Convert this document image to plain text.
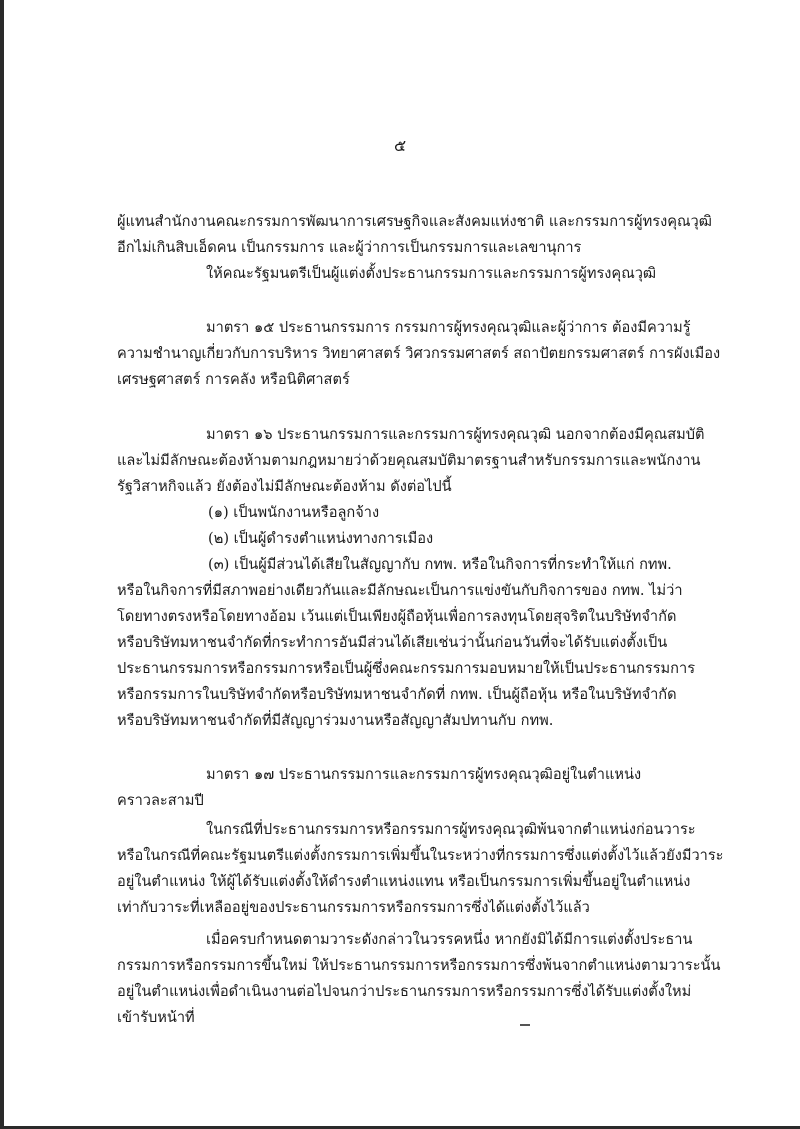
๕
ผู้แทนสำนักงานคณะกรรมการพัฒนาการเศรษฐกิจและสังคมแห่งชาติ และกรรมการผู้ทรงคุณวุฒิ
อีกไม่เกินสิบเอ็ดคน เป็นกรรมการ และผู้ว่าการเป็นกรรมการและเลขานุการ
ให้คณะรัฐมนตรีเป็นผู้แต่งตั้งประธานกรรมการและกรรมการผู้ทรงคุณวุฒิ
มาตรา ๑๕ ประธานกรรมการ กรรมการผู้ทรงคุณวุฒิและผู้ว่าการ ต้องมีความรู้
ความชำนาญเกี่ยวกับการบริหาร วิทยาศาสตร์ วิศวกรรมศาสตร์ สถาปัตยกรรมศาสตร์ การผังเมือง
เศรษฐศาสตร์ การคลัง หรือนิติศาสตร์
มาตรา ๑๖ ประธานกรรมการและกรรมการผู้ทรงคุณวุฒิ นอกจากต้องมีคุณสมบัติ
และไม่มีลักษณะต้องห้ามตามกฎหมายว่าด้วยคุณสมบัติมาตรฐานสำหรับกรรมการและพนักงาน
รัฐวิสาหกิจแล้ว ยังต้องไม่มีลักษณะต้องห้าม ดังต่อไปนี้
(๑) เป็นพนักงานหรือลูกจ้าง
(๒) เป็นผู้ดำรงตำแหน่งทางการเมือง
(๓) เป็นผู้มีส่วนได้เสียในสัญญากับ กทพ. หรือในกิจการที่กระทำให้แก่ กทพ.
หรือในกิจการที่มีสภาพอย่างเดียวกันและมีลักษณะเป็นการแข่งขันกับกิจการของ กทพ. ไม่ว่า
โดยทางตรงหรือโดยทางอ้อม เว้นแต่เป็นเพียงผู้ถือหุ้นเพื่อการลงทุนโดยสุจริตในบริษัทจำกัด
หรือบริษัทมหาชนจำกัดที่กระทำการอันมีส่วนได้เสียเช่นว่านั้นก่อนวันที่จะได้รับแต่งตั้งเป็น
ประธานกรรมการหรือกรรมการหรือเป็นผู้ซึ่งคณะกรรมการมอบหมายให้เป็นประธานกรรมการ
หรือกรรมการในบริษัทจำกัดหรือบริษัทมหาชนจำกัดที่ กทพ. เป็นผู้ถือหุ้น หรือในบริษัทจำกัด
หรือบริษัทมหาชนจำกัดที่มีสัญญาร่วมงานหรือสัญญาสัมปทานกับ กทพ.
มาตรา ๑๗ ประธานกรรมการและกรรมการผู้ทรงคุณวุฒิอยู่ในตำแหน่ง
คราวละสามปี
ในกรณีที่ประธานกรรมการหรือกรรมการผู้ทรงคุณวุฒิพ้นจากตำแหน่งก่อนวาระ
หรือในกรณีที่คณะรัฐมนตรีแต่งตั้งกรรมการเพิ่มขึ้นในระหว่างที่กรรมการซึ่งแต่งตั้งไว้แล้วยังมีวาระ
อยู่ในตำแหน่ง ให้ผู้ได้รับแต่งตั้งให้ดำรงตำแหน่งแทน หรือเป็นกรรมการเพิ่มขึ้นอยู่ในตำแหน่ง
เท่ากับวาระที่เหลืออยู่ของประธานกรรมการหรือกรรมการซึ่งได้แต่งตั้งไว้แล้ว
เมื่อครบกำหนดตามวาระดังกล่าวในวรรคหนึ่ง หากยังมิได้มีการแต่งตั้งประธาน
กรรมการหรือกรรมการขึ้นใหม่ ให้ประธานกรรมการหรือกรรมการซึ่งพ้นจากตำแหน่งตามวาระนั้น
อยู่ในตำแหน่งเพื่อดำเนินงานต่อไปจนกว่าประธานกรรมการหรือกรรมการซึ่งได้รับแต่งตั้งใหม่
เข้ารับหน้าที่
